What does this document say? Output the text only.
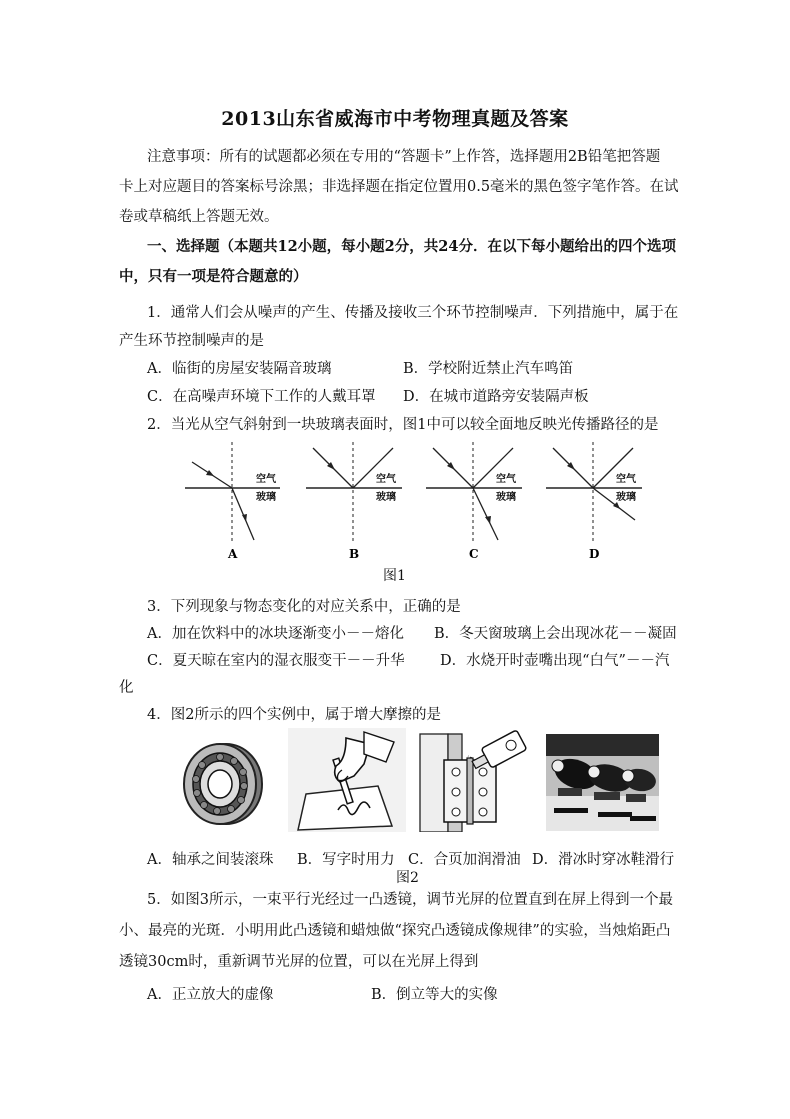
2013山东省威海市中考物理真题及答案
注意事项：所有的试题都必须在专用的“答题卡”上作答，选择题用2B铅笔把答题
卡上对应题目的答案标号涂黑；非选择题在指定位置用0.5毫米的黑色签字笔作答。在试
卷或草稿纸上答题无效。
一、选择题（本题共12小题，每小题2分，共24分．在以下每小题给出的四个选项
中，只有一项是符合题意的）
1．通常人们会从噪声的产生、传播及接收三个环节控制噪声．下列措施中，属于在
产生环节控制噪声的是
A．临街的房屋安装隔音玻璃	B．学校附近禁止汽车鸣笛
C．在高噪声环境下工作的人戴耳罩 D．在城市道路旁安装隔声板
2．当光从空气斜射到一块玻璃表面时，图1中可以较全面地反映光传播路径的是
空气
玻璃
空气
玻璃
空气
玻璃
空气
玻璃
A	B	C	D
图1
3．下列现象与物态变化的对应关系中，正确的是
A．加在饮料中的冰块逐渐变小－－熔化 B．冬天窗玻璃上会出现冰花－－凝固
C．夏天晾在室内的湿衣服变干－－升华 D．水烧开时壶嘴出现“白气”－－汽
化
4．图2所示的四个实例中，属于增大摩擦的是
A．轴承之间装滚珠 B．写字时用力 C．合页加润滑油 D．滑冰时穿冰鞋滑行
图2
5．如图3所示，一束平行光经过一凸透镜，调节光屏的位置直到在屏上得到一个最
小、最亮的光斑．小明用此凸透镜和蜡烛做“探究凸透镜成像规律”的实验，当烛焰距凸
透镜30cm时，重新调节光屏的位置，可以在光屏上得到
A．正立放大的虚像	B．倒立等大的实像
